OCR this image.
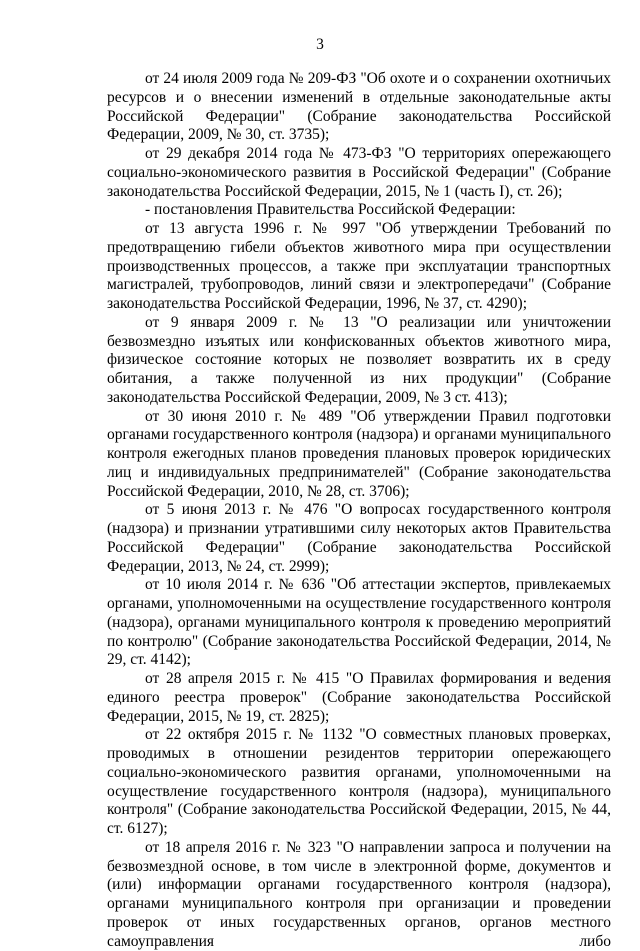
3

от 24 июля 2009 года № 209-ФЗ "Об охоте и о сохранении охотничьих ресурсов и о внесении изменений в отдельные законодательные акты Российской Федерации" (Собрание законодательства Российской Федерации, 2009, № 30, ст. 3735);

от 29 декабря 2014 года № 473-ФЗ "О территориях опережающего социально-экономического развития в Российской Федерации" (Собрание законодательства Российской Федерации, 2015, № 1 (часть I), ст. 26);

- постановления Правительства Российской Федерации:

от 13 августа 1996 г. № 997 "Об утверждении Требований по предотвращению гибели объектов животного мира при осуществлении производственных процессов, а также при эксплуатации транспортных магистралей, трубопроводов, линий связи и электропередачи" (Собрание законодательства Российской Федерации, 1996, № 37, ст. 4290);

от 9 января 2009 г. № 13 "О реализации или уничтожении безвозмездно изъятых или конфискованных объектов животного мира, физическое состояние которых не позволяет возвратить их в среду обитания, а также полученной из них продукции" (Собрание законодательства Российской Федерации, 2009, № 3 ст. 413);

от 30 июня 2010 г. № 489 "Об утверждении Правил подготовки органами государственного контроля (надзора) и органами муниципального контроля ежегодных планов проведения плановых проверок юридических лиц и индивидуальных предпринимателей" (Собрание законодательства Российской Федерации, 2010, № 28, ст. 3706);

от 5 июня 2013 г. № 476 "О вопросах государственного контроля (надзора) и признании утратившими силу некоторых актов Правительства Российской Федерации" (Собрание законодательства Российской Федерации, 2013, № 24, ст. 2999);

от 10 июля 2014 г. № 636 "Об аттестации экспертов, привлекаемых органами, уполномоченными на осуществление государственного контроля (надзора), органами муниципального контроля к проведению мероприятий по контролю" (Собрание законодательства Российской Федерации, 2014, № 29, ст. 4142);

от 28 апреля 2015 г. № 415 "О Правилах формирования и ведения единого реестра проверок" (Собрание законодательства Российской Федерации, 2015, № 19, ст. 2825);

от 22 октября 2015 г. № 1132 "О совместных плановых проверках, проводимых в отношении резидентов территории опережающего социально-экономического развития органами, уполномоченными на осуществление государственного контроля (надзора), муниципального контроля" (Собрание законодательства Российской Федерации, 2015, № 44, ст. 6127);

от 18 апреля 2016 г. № 323 "О направлении запроса и получении на безвозмездной основе, в том числе в электронной форме, документов и (или) информации органами государственного контроля (надзора), органами муниципального контроля при организации и проведении проверок от иных государственных органов, органов местного самоуправления либо
